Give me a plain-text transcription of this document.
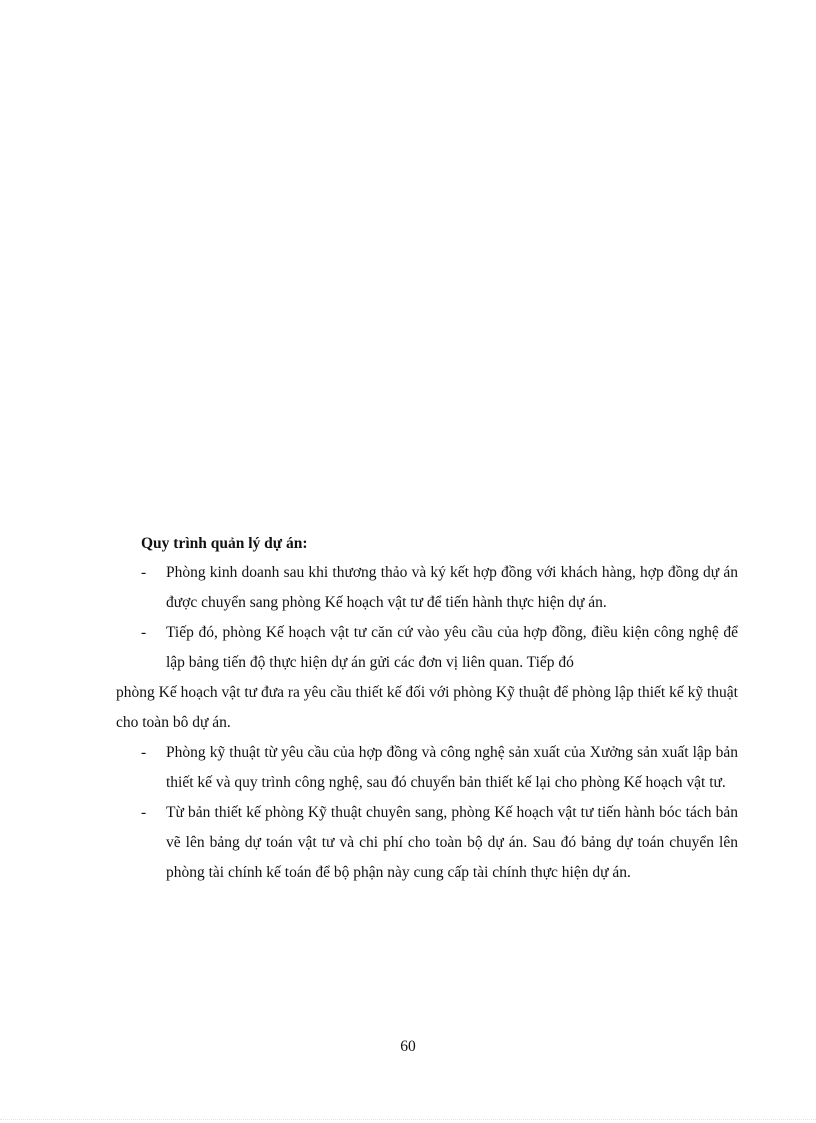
Quy trình quản lý dự án:

- Phòng kinh doanh sau khi thương thảo và ký kết hợp đồng với khách hàng, hợp đồng dự án được chuyển sang phòng Kế hoạch vật tư để tiến hành thực hiện dự án.

- Tiếp đó, phòng Kế hoạch vật tư căn cứ vào yêu cầu của hợp đồng, điều kiện công nghệ để lập bảng tiến độ thực hiện dự án gửi các đơn vị liên quan. Tiếp đó

phòng Kế hoạch vật tư đưa ra yêu cầu thiết kế đối với phòng Kỹ thuật để phòng lập thiết kế kỹ thuật cho toàn bô dự án.

- Phòng kỹ thuật từ yêu cầu của hợp đồng và công nghệ sản xuất của Xưởng sản xuất lập bản thiết kế và quy trình công nghệ, sau đó chuyển bản thiết kế lại cho phòng Kế hoạch vật tư.

- Từ bản thiết kế phòng Kỹ thuật chuyên sang, phòng Kế hoạch vật tư tiến hành bóc tách bản vẽ lên bảng dự toán vật tư và chi phí cho toàn bộ dự án. Sau đó bảng dự toán chuyển lên phòng tài chính kế toán để bộ phận này cung cấp tài chính thực hiện dự án.

60
